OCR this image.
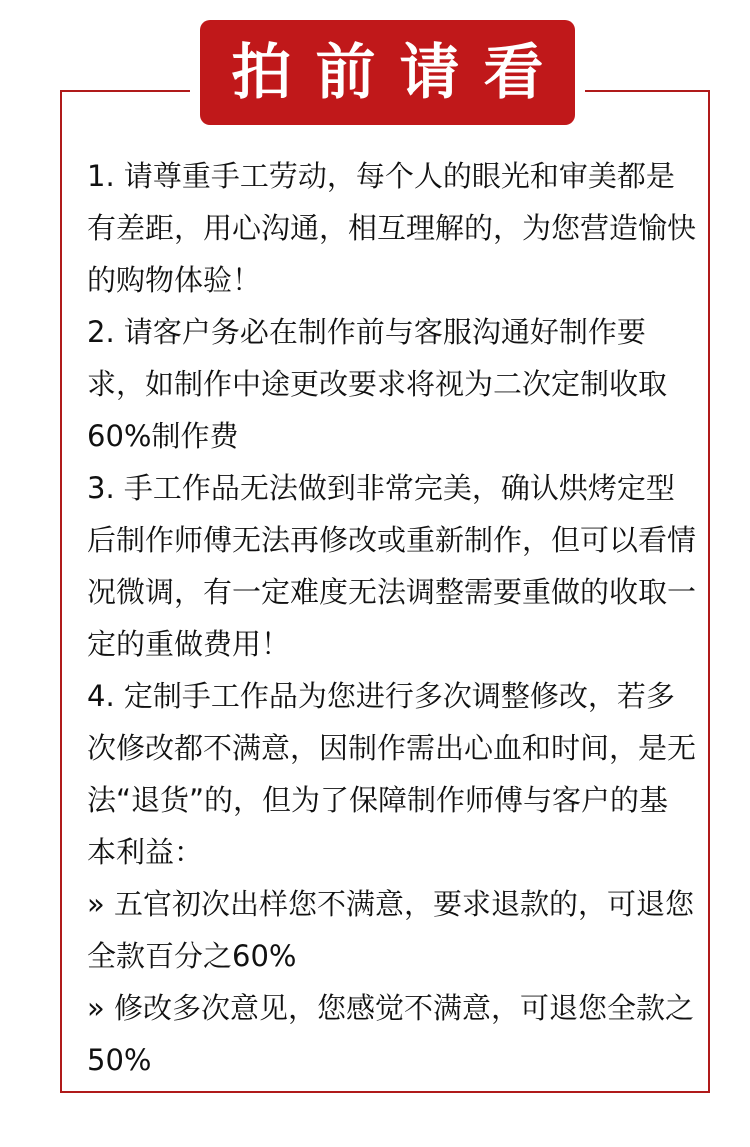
拍前请看

1. 请尊重手工劳动，每个人的眼光和审美都是有差距，用心沟通，相互理解的，为您营造愉快的购物体验！

2. 请客户务必在制作前与客服沟通好制作要求，如制作中途更改要求将视为二次定制收取60%制作费

3. 手工作品无法做到非常完美，确认烘烤定型后制作师傅无法再修改或重新制作，但可以看情况微调，有一定难度无法调整需要重做的收取一定的重做费用！

4. 定制手工作品为您进行多次调整修改，若多次修改都不满意，因制作需出心血和时间，是无法“退货”的，但为了保障制作师傅与客户的基本利益：

» 五官初次出样您不满意，要求退款的，可退您全款百分之60%

» 修改多次意见，您感觉不满意，可退您全款之50%
